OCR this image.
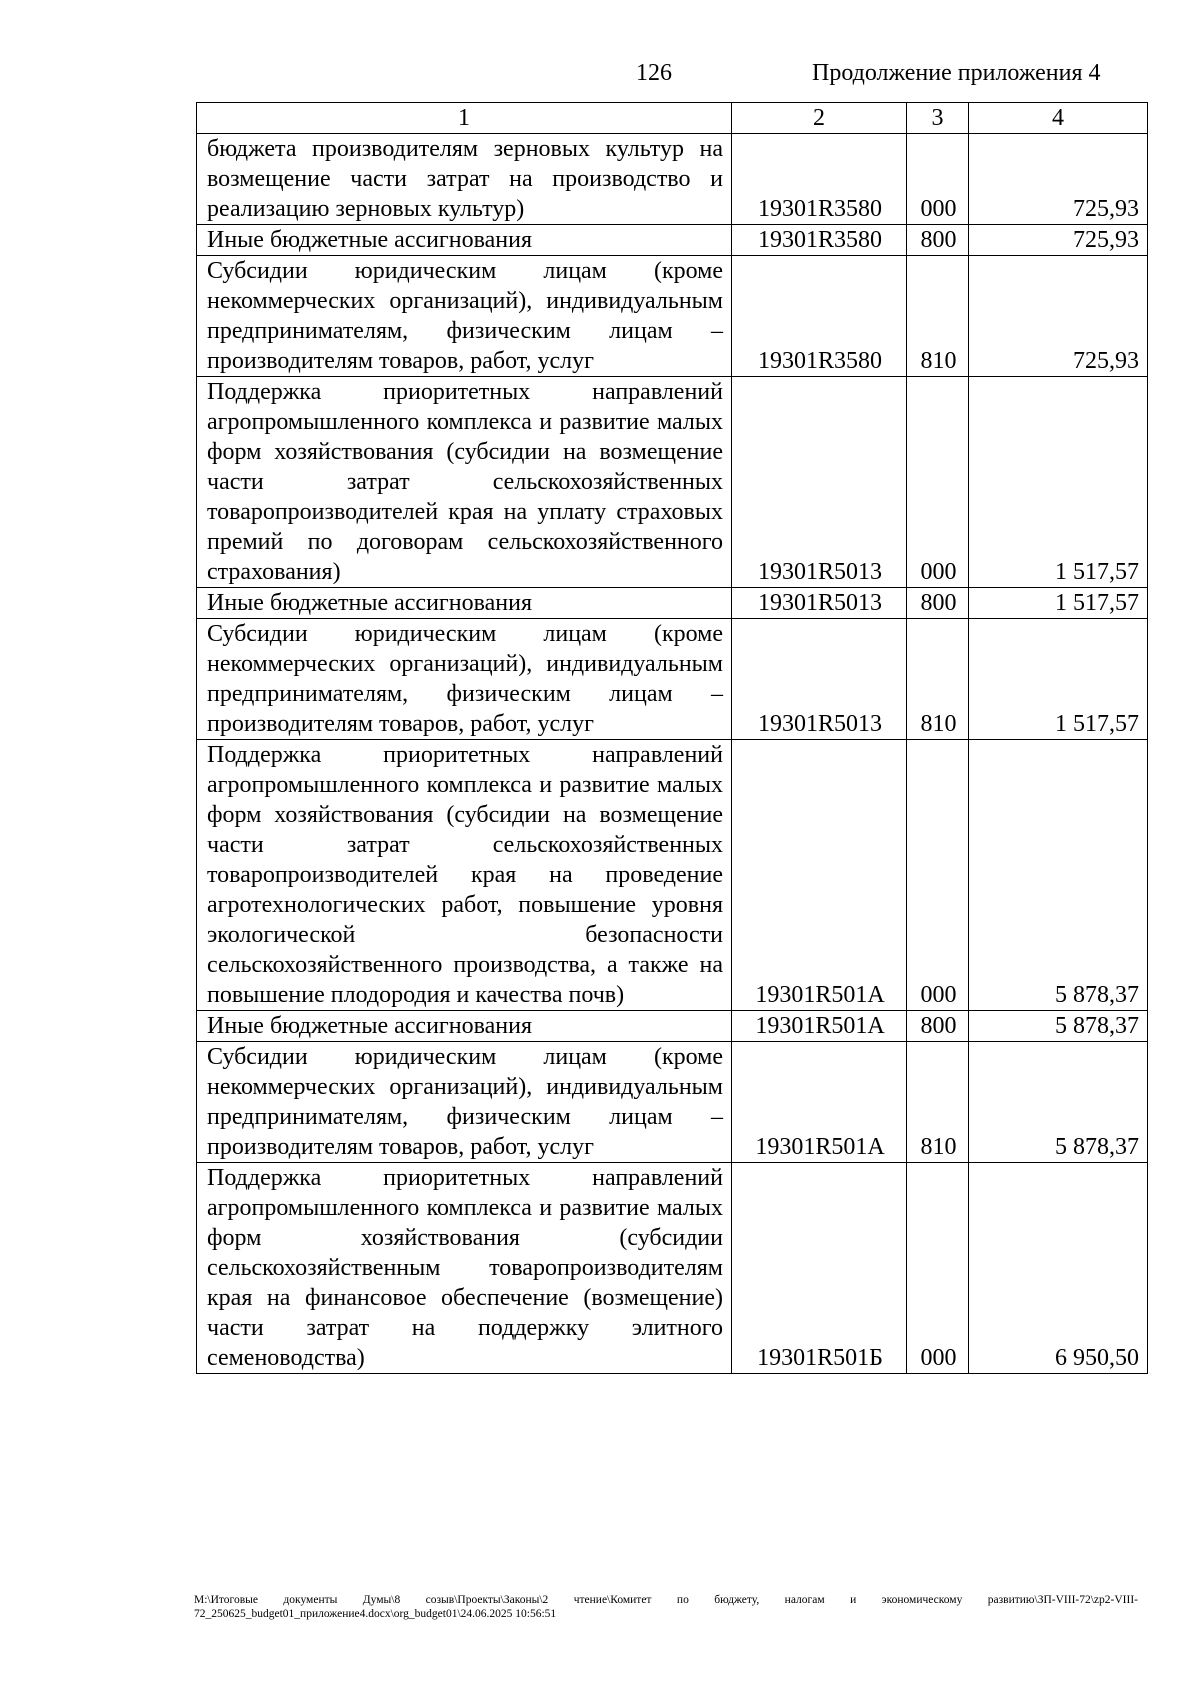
126	Продолжение приложения 4
1	2	3	4
бюджета производителям зерновых культур на возмещение части затрат на производство и реализацию зерновых культур)	19301R3580	000	725,93
Иные бюджетные ассигнования	19301R3580	800	725,93
Субсидии юридическим лицам (кроме некоммерческих организаций), индивидуальным предпринимателям, физическим лицам – производителям товаров, работ, услуг	19301R3580	810	725,93
Поддержка приоритетных направлений агропромышленного комплекса и развитие малых форм хозяйствования (субсидии на возмещение части затрат сельскохозяйственных товаропроизводителей края на уплату страховых премий по договорам сельскохозяйственного страхования)	19301R5013	000	1 517,57
Иные бюджетные ассигнования	19301R5013	800	1 517,57
Субсидии юридическим лицам (кроме некоммерческих организаций), индивидуальным предпринимателям, физическим лицам – производителям товаров, работ, услуг	19301R5013	810	1 517,57
Поддержка приоритетных направлений агропромышленного комплекса и развитие малых форм хозяйствования (субсидии на возмещение части затрат сельскохозяйственных товаропроизводителей края на проведение агротехнологических работ, повышение уровня экологической безопасности сельскохозяйственного производства, а также на повышение плодородия и качества почв)	19301R501А	000	5 878,37
Иные бюджетные ассигнования	19301R501А	800	5 878,37
Субсидии юридическим лицам (кроме некоммерческих организаций), индивидуальным предпринимателям, физическим лицам – производителям товаров, работ, услуг	19301R501А	810	5 878,37
Поддержка приоритетных направлений агропромышленного комплекса и развитие малых форм хозяйствования (субсидии сельскохозяйственным товаропроизводителям края на финансовое обеспечение (возмещение) части затрат на поддержку элитного семеноводства)	19301R501Б	000	6 950,50
M:\Итоговые документы Думы\8 созыв\Проекты\Законы\2 чтение\Комитет по бюджету, налогам и экономическому развитию\ЗП-VIII-72\zp2-VIII-72_250625_budget01_приложение4.docx\org_budget01\24.06.2025 10:56:51
